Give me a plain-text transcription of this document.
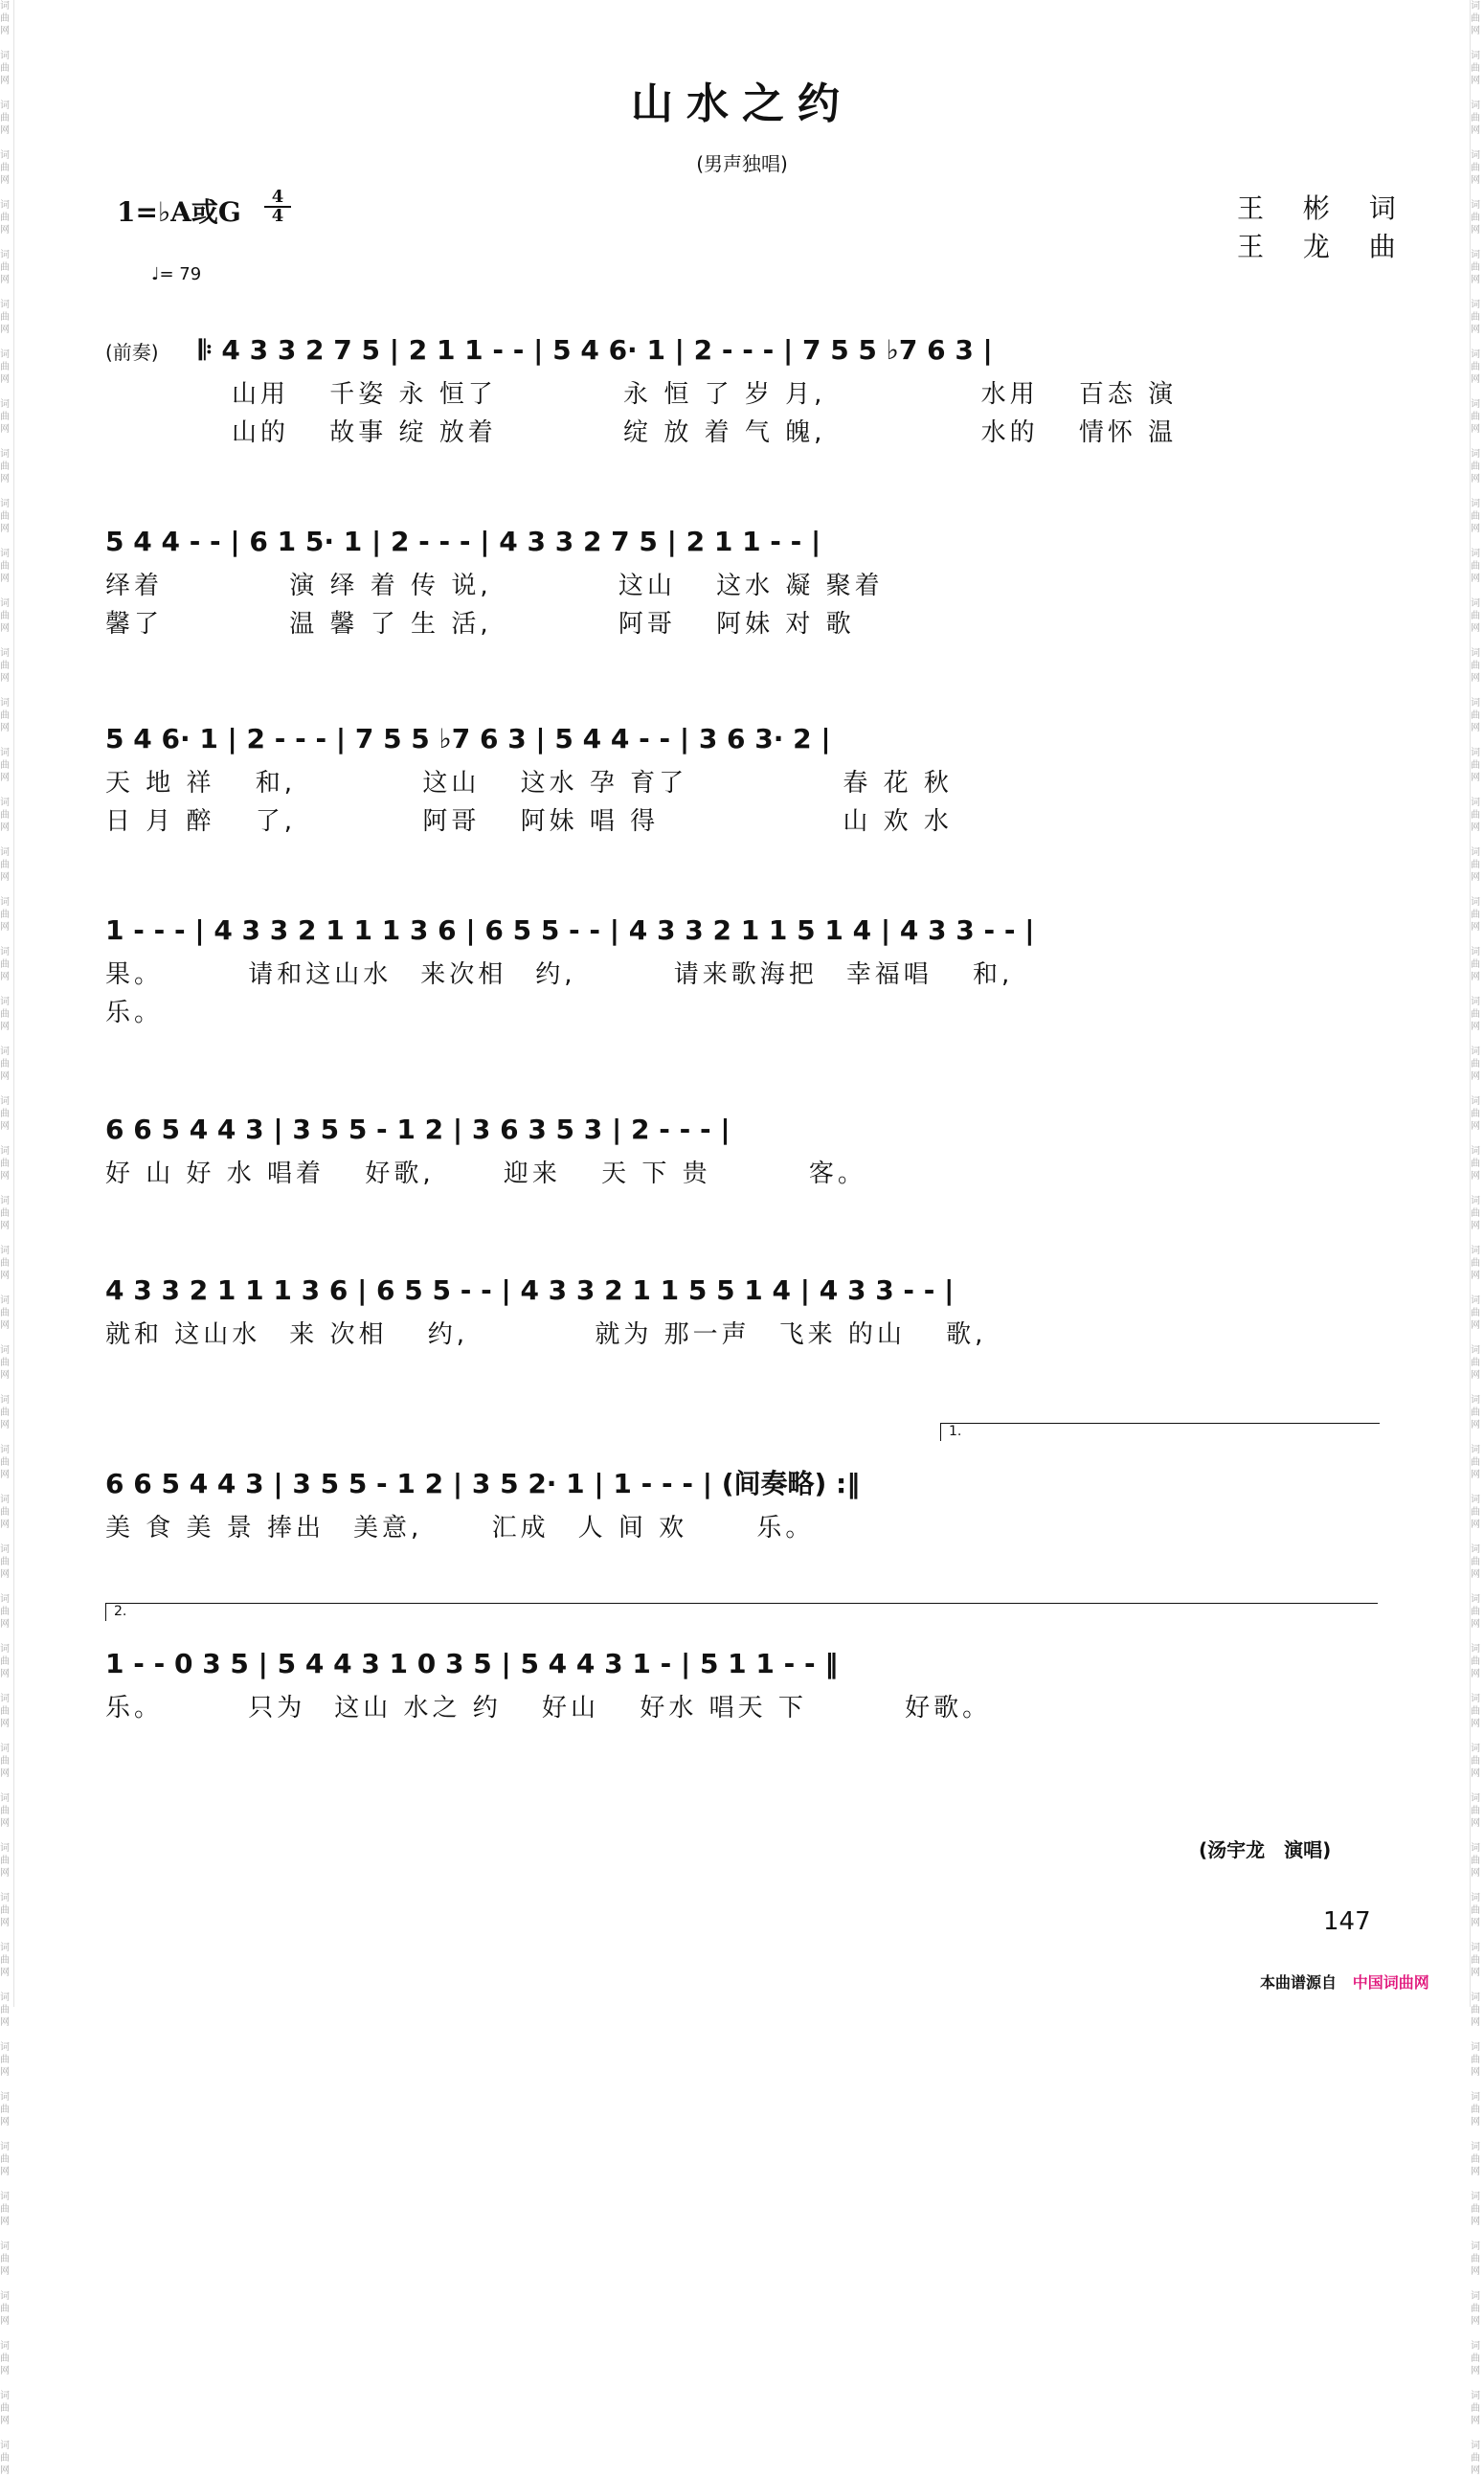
词
曲
网

词
曲
网

词
曲
网

词
曲
网

词
曲
网

词
曲
网

词
曲
网

词
曲
网

词
曲
网

词
曲
网

词
曲
网

词
曲
网

词
曲
网

词
曲
网

词
曲
网

词
曲
网

词
曲
网

词
曲
网

词
曲
网

词
曲
网

词
曲
网

词
曲
网

词
曲
网

词
曲
网

词
曲
网

词
曲
网

词
曲
网

词
曲
网

词
曲
网

词
曲
网

词
曲
网

词
曲
网

词
曲
网

词
曲
网

词
曲
网

词
曲
网

词
曲
网

词
曲
网

词
曲
网

词
曲
网

词
曲
网

词
曲
网

词
曲
网

词
曲
网

词
曲
网

词
曲
网

词
曲
网

词
曲
网

词
曲
网

词
曲
网

词
曲
网

词
曲
网

词
曲
网

词
曲
网

词
曲
网

词
曲
网

词
曲
网

词
曲
网

词
曲
网

词
曲
网

词
曲
网

词
曲
网

词
曲
网

词
曲
网

词
曲
网

词
曲
网

词
曲
网

词
曲
网

词
曲
网

词
曲
网

词
曲
网

词
曲
网

词
曲
网

词
曲
网

词
曲
网

词
曲
网

词
曲
网

词
曲
网

词
曲
网

词
曲
网

词
曲
网

词
曲
网

词
曲
网

词
曲
网

词
曲
网

词
曲
网

词
曲
网

词
曲
网

词
曲
网

词
曲
网

词
曲
网

词
曲
网

词
曲
网

词
曲
网

词
曲
网

词
曲
网

词
曲
网

词
曲
网

词
曲
网

词
曲
网

山水之约
(男声独唱)
1=♭A或G	4
4	王 彬 词
王 龙 曲
♩= 79
(前奏) 𝄆 4 3 3 2 7 5 | 2 1 1 - - | 5 4 6· 1 | 2 - - - | 7 5 5 ♭7 6 3 |
山用　 千姿 永 恒了　　　　 永 恒 了 岁 月,　　　　　 水用　 百态 演
山的　 故事 绽 放着　　　　 绽 放 着 气 魄,　　　　　 水的　 情怀 温
5 4 4 - - | 6 1 5· 1 | 2 - - - | 4 3 3 2 7 5 | 2 1 1 - - |
绎着　　　　 演 绎 着 传 说,　　　　 这山　 这水 凝 聚着
馨了　　　　 温 馨 了 生 活,　　　　 阿哥　 阿妹 对 歌
5 4 6· 1 | 2 - - - | 7 5 5 ♭7 6 3 | 5 4 4 - - | 3 6 3· 2 |
天 地 祥　 和,　　　　 这山　 这水 孕 育了　　　　　 春 花 秋
日 月 醉　 了,　　　　 阿哥　 阿妹 唱 得　　　　　　 山 欢 水
1 - - - | 4 3 3 2 1 1 1 3 6 | 6 5 5 - - | 4 3 3 2 1 1 5 1 4 | 4 3 3 - - |
果。　　　 请和这山水　来次相　约,　　　 请来歌海把　幸福唱　 和,
乐。
6 6 5 4 4 3 | 3 5 5 - 1 2 | 3 6 3 5 3 | 2 - - - |
好 山 好 水 唱着　 好歌,　　 迎来　 天 下 贵　　　 客。
4 3 3 2 1 1 1 3 6 | 6 5 5 - - | 4 3 3 2 1 1 5 5 1 4 | 4 3 3 - - |
就和 这山水　来 次相　 约,　　　　 就为 那一声　飞来 的山　 歌,
1.
6 6 5 4 4 3 | 3 5 5 - 1 2 | 3 5 2· 1 | 1 - - - | (间奏略) :‖
美 食 美 景 捧出　美意,　　 汇成　人 间 欢　　 乐。
2.
1 - - 0 3 5 | 5 4 4 3 1 0 3 5 | 5 4 4 3 1 - | 5 1 1 - - ‖
乐。　　　 只为　这山 水之 约　 好山　 好水 唱天 下　　　 好歌。
(汤宇龙　演唱)
147
本曲谱源自 中国词曲网
